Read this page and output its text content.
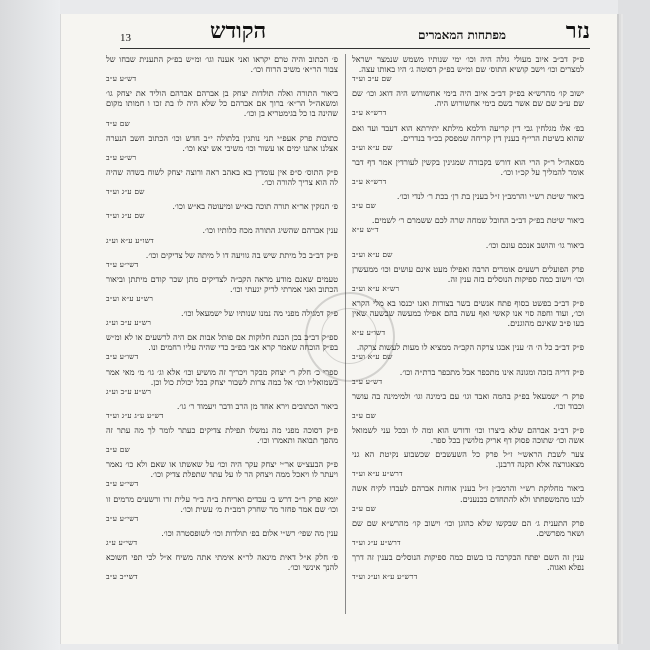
נזר
מפתחות המאמרים
הקודש
13
פ״ק דב״ב איוב מעולי גולה היה וכו׳ ימי שנותיו משמש שנמצר ישראל למצרים וכו׳ וישב קושיא התוס׳ שם ומ״ש בפ״ק דסוטה ג׳ היו באותו עצה.
שם ע״ב וע״ד
ישוב קו׳ מהרש״א בפ״ק דב״ב איוב היה בימי אחשורוש היה דואג וכו׳ שם שם ע״ב שם שם אשר בשם בימי אחשורוש היה.
דרש״א ע״ב
בפ׳ אלו מגלחין גבי דין קריעה ודלמא מילתא יתירתא הוא דעבד ועד ואם שהוא בשיטת הרי״ף בענין דין קריחה שמפסק בכ״ד בנדרים.
שם ע״א וע״ב
מסאה״ל ר״ק הרי הוא דורש בקבורה שמגינין בקשין לעורדין אמר דף דבר אומר להמליך על קכ״ו וכו׳.
דרש״א ע״ב
ביאור שיטת רש״י והרמב״ן ז״ל בענין בת רן׳ בכת ר׳ לנדי וכו׳.
שם ע״ב
ביאור שיטת בפ״ק דב״ב החובל שמחה שרה לכם ששמרם ר׳ לשמים.
ד״ש ע״א
ביאור גו׳ והושב אנכם עונם וכו׳.
שם ע״א וע״ב
פרק הפועלים רשעים אומרים הרבה ואפילו מעט אינם עושים וכו׳ ממעשרן וכו׳ וישוב כמה ספיקות הנוסלים בזה ענין זה.
רש״א ע״א וע״ב
פ״ק דב״ב בפשט בסוף פתח אנשים בשר בצורות ואנו יכנסו בא מלי הקרא וכו׳, ועוד וחפה סוי אנו קאשי ואף עשה בהם אפילו במעשה שבשעה שאין בעו פ״ב שאינם מהוגנים.
דשו״ע ע״א
פ״ק דב״ב כל ה׳ ה׳ ענין אבגו צרקה הקב״ה ממציא לו מעות לעשות צרקה.
שם ע״א וע״ב
פ״ק דריה בזכה ומגונה אינו מתכפר אבל מתכפר ברת״ה וכו׳.
דש״ע ע״ב
פרק ר׳ ישמעאל בפ״ק בהמה ואבד וגו׳ עם בימינה וגו׳ ולמימינה בה עושר וכבוד וכו׳.
שם ע״ב
פ״ק דב״ב אברהם שלא ביצרו וכו׳ ודורש הוא ומה לו ובכל עני לשמואל אשה וכו׳ שתוכה פסוק דף אריק מלושין בכל ספר.
צער לשבת הראש״י ז״ל פרק כל השעשבים שכשבוע נקיטת הא גני מצאגורצה אלא תקנה דרבנן.
דרש״ע ע״א וע״ד
ביאור מחלוקת רש״י והרמב״ן ז״ל בענין אוחזת אברהם לעבדו לקיח אשה לבנו מהמשפחתו ולא להתחדם בכנענים.
שם ע״ב
פרק התענית ג׳ הם שבקשו שלא כהוגן וכו׳ וישוב קו׳ מהרש״א שם שם ושאר מפרשים.
דרש״ע ע״ג וע״ד
ענין זה השם יפתח הבקרבה בו בשום כמה ספיקות הנוסלים בענין זה דרך נפלא ואגוה.
דרש״ע ע״א וע״ג וע״ד
פ׳ הכתוב והיה טרם יקראו ואני אענה וגו׳ ומ״ש בפ״ק התענית שבחו של צבור הר״א׳ משיב הרוח וכו׳.
דש״ע ע״ב
ביאור התורה ואלה תולדות יצחק בן אברהם אברהם הוליד את יצחק גו׳ ומשאה״ל הר״א׳ ברוך אם אברהם כל שלא היה לו בת זכו ו חמותו מקום שהינה בו כל בגימטריא בן וכו׳.
שם ע״ד
כתובות פרק אעפ״י תני נותגין בלתולה י״ב חדש וכו׳ הכתוב חשב הנערה אצלנו אתנו ימים או עשור וכו׳ משיבי אש יצא וכו׳.
רש״ע ע״ב
פ״ק התוס׳ ס״פ אין עומדין בא באהב ראה ורוצה יצחק לשוח בשדה שהיה לה הוא צריך להורה וכו׳.
שם ע״ג וע״ד
פ׳ הנזקין אר״א תורה תוכה בא״ש ומיעוטה בא״ש וכו׳.
שם ע״ג וע״ד
ענין אברהם שהשיג התורה מכח כלותיו וכו׳.
דשו״ע ע״א וע״ג
פ״ק דב״ב כל מיתת שיש בה גוויעה דו ל מיתה של צדיקים וכו׳.
דשי״ע ע״ד
טעמים שאנם מודע מראה הקב״ה לצדיקים מתן שכר קודם מיתתן וביאור הכתוב ואני אמרתי לריק יגעתי וכו׳.
רש״ע ע״א וע״ב
פ״ק דמגילה מפני מה נמנו שנותיו של ישמעאל וכו׳.
רש״ע ע״ב וע״ג
ספ״ק דב״ב בכן הכנת חלוקות אם פותל אבות אם היה לרשעים או לא ומ״ש בפ״ק הוכחה שאמר קרא אבי בפ״ב כדי שהיה עליו רחמים ונו.
דשו״ע ע״ב
ספרי כ׳ חלק ר׳ יצחק מבקר ויכריך זה מושיע וכו׳ אלא וג׳ גו׳ מ׳ מאי אמר בשמואל״ו וכו׳ אל כמה צרות לשבור יצחק בכל יכולת כול וכן.
רש״ע ע״ב וע״ג
ביאור הכתובים וירא אחד מן הרב ודבר ויעמוד ר׳ גו׳.
דש״ע ע״ג ע״ג וע״ד
פ״ק דסוכה מפני מה נמשלו תפילת צדיקים כעתר לומר לך מה עתר זה מהפך תבואה ותאמרו וכו׳.
שם ע״ב
פ״ק הבעצ״ש אר״י יצחק עקר היה וכו׳ על שאשתו או שאם ולא כו׳ נאמר ויעתר לו ויאכל ממה ויצחק הר לו על עתר שתפלת צדיק וכו׳.
דשי״ע ע״ב
יומא פרק ר״כ דרש ב׳ עבדים ואריחת ב״ה ב״ר עלית זרו ורשעים מרמים זו וכו׳ שם אמר פחזר מר שחרק רמב״ת מ׳ עשית וכו׳.
דשי״ע ע״ב
ענין מה שפי׳ רש״י אלום בפ׳ תולדות וכו׳ לשופסטרה וכו׳.
דשי״ע ע״ג
פ׳ חלק א״ל דאית מינאה לר״א אימתי אתה משיח א״ל לכי תפי חשוכא להנך אינשי וכו׳.
דשי״ב ע״ב
